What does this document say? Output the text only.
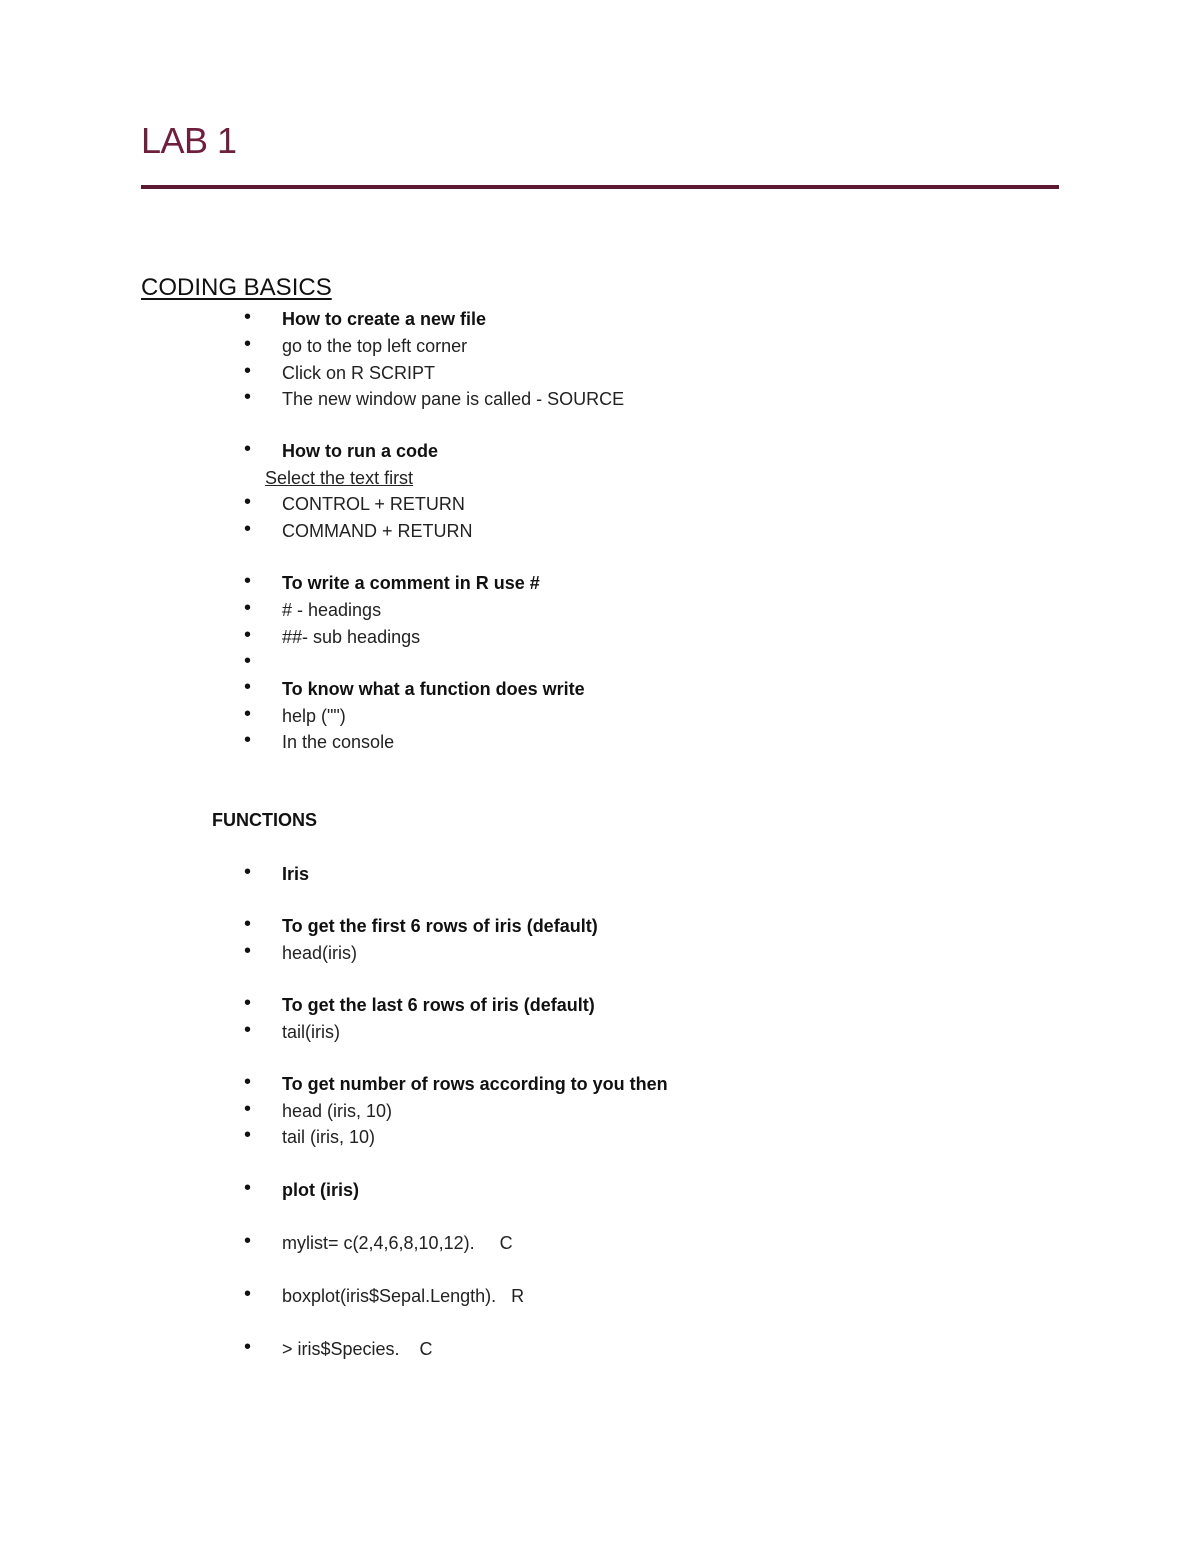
LAB 1
CODING BASICS
•	How to create a new file
•	go to the top left corner
•	Click on R SCRIPT
•	The new window pane is called - SOURCE
•	How to run a code
Select the text first
•	CONTROL + RETURN
•	COMMAND + RETURN
•	To write a comment in R use #
•	# - headings
•	##- sub headings
•
•	To know what a function does write
•	help ("")
•	In the console
FUNCTIONS
•	Iris
•	To get the first 6 rows of iris (default)
•	head(iris)
•	To get the last 6 rows of iris (default)
•	tail(iris)
•	To get number of rows according to you then
•	head (iris, 10)
•	tail (iris, 10)
•	plot (iris)
•	mylist= c(2,4,6,8,10,12).     C
•	boxplot(iris$Sepal.Length).   R
•	> iris$Species.    C
